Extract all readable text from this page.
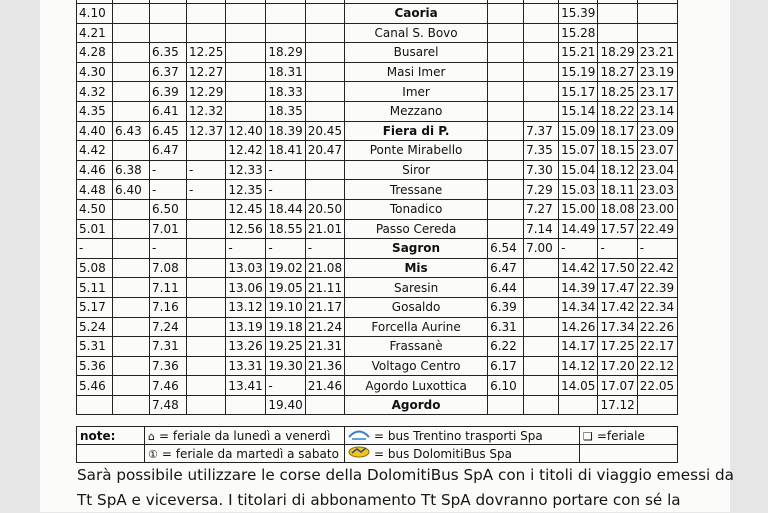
4.10							Caoria			15.39		
4.21							Canal S. Bovo			15.28		
4.28		6.35	12.25		18.29		Busarel			15.21	18.29	23.21
4.30		6.37	12.27		18.31		Masi Imer			15.19	18.27	23.19
4.32		6.39	12.29		18.33		Imer			15.17	18.25	23.17
4.35		6.41	12.32		18.35		Mezzano			15.14	18.22	23.14
4.40	6.43	6.45	12.37	12.40	18.39	20.45	Fiera di P.		7.37	15.09	18.17	23.09
4.42		6.47		12.42	18.41	20.47	Ponte Mirabello		7.35	15.07	18.15	23.07
4.46	6.38	-	-	12.33	-		Siror		7.30	15.04	18.12	23.04
4.48	6.40	-	-	12.35	-		Tressane		7.29	15.03	18.11	23.03
4.50		6.50		12.45	18.44	20.50	Tonadico		7.27	15.00	18.08	23.00
5.01		7.01		12.56	18.55	21.01	Passo Cereda		7.14	14.49	17.57	22.49
-		-		-	-	-	Sagron	6.54	7.00	-	-	-
5.08		7.08		13.03	19.02	21.08	Mis	6.47		14.42	17.50	22.42
5.11		7.11		13.06	19.05	21.11	Saresin	6.44		14.39	17.47	22.39
5.17		7.16		13.12	19.10	21.17	Gosaldo	6.39		14.34	17.42	22.34
5.24		7.24		13.19	19.18	21.24	Forcella Aurine	6.31		14.26	17.34	22.26
5.31		7.31		13.26	19.25	21.31	Frassanè	6.22		14.17	17.25	22.17
5.36		7.36		13.31	19.30	21.36	Voltago Centro	6.17		14.12	17.20	22.12
5.46		7.46		13.41	-	21.46	Agordo Luxottica	6.10		14.05	17.07	22.05
		7.48			19.40		Agordo				17.12	
note:	⌂ = feriale da lunedì a venerdì	= bus Trentino trasporti Spa	❑ =feriale
	① = feriale da martedì a sabato	= bus DolomitiBus Spa	
Sarà possibile utilizzare le corse della DolomitiBus SpA con i titoli di viaggio emessi da
Tt SpA e viceversa. I titolari di abbonamento Tt SpA dovranno portare con sé la
